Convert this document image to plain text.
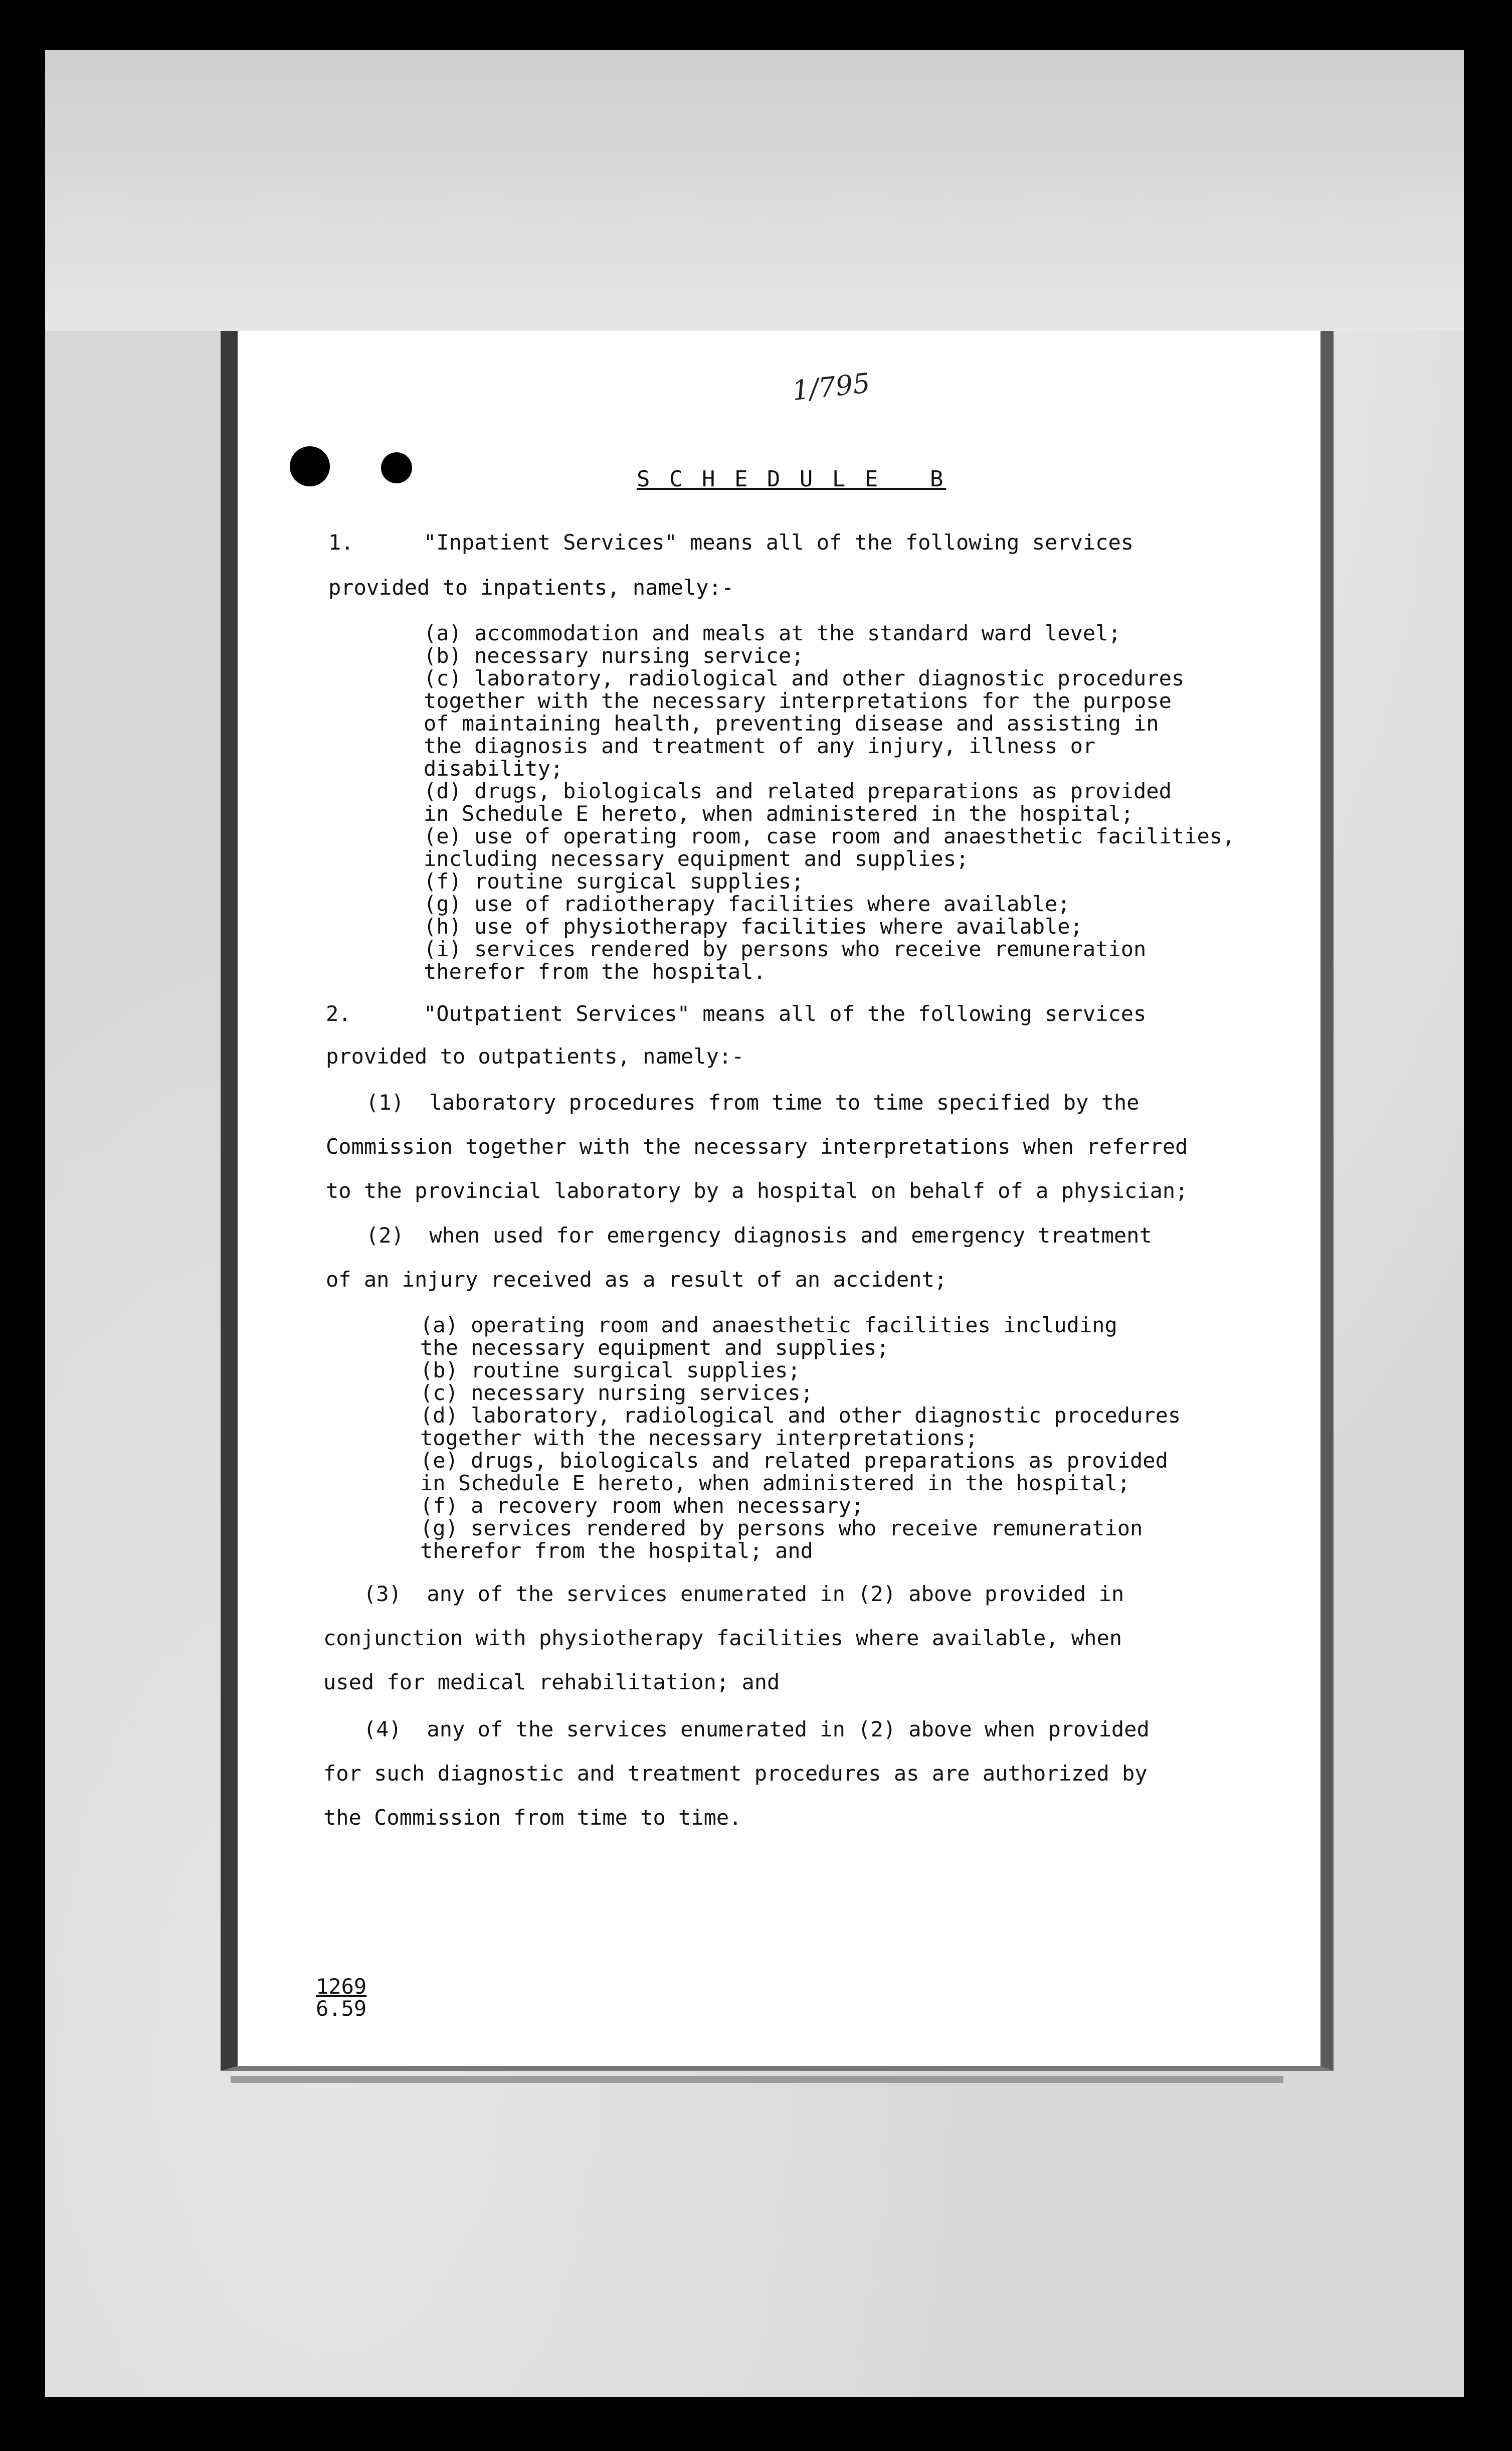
1/795
S C H E D U L E   B
1.	"Inpatient Services" means all of the following services
provided to inpatients, namely:-
(a) accommodation and meals at the standard ward level;
(b) necessary nursing service;
(c) laboratory, radiological and other diagnostic procedures
together with the necessary interpretations for the purpose
of maintaining health, preventing disease and assisting in
the diagnosis and treatment of any injury, illness or
disability;
(d) drugs, biologicals and related preparations as provided
in Schedule E hereto, when administered in the hospital;
(e) use of operating room, case room and anaesthetic facilities,
including necessary equipment and supplies;
(f) routine surgical supplies;
(g) use of radiotherapy facilities where available;
(h) use of physiotherapy facilities where available;
(i) services rendered by persons who receive remuneration
therefor from the hospital.
2.	"Outpatient Services" means all of the following services
provided to outpatients, namely:-
(1)  laboratory procedures from time to time specified by the
Commission together with the necessary interpretations when referred
to the provincial laboratory by a hospital on behalf of a physician;
(2)  when used for emergency diagnosis and emergency treatment
of an injury received as a result of an accident;
(a) operating room and anaesthetic facilities including
the necessary equipment and supplies;
(b) routine surgical supplies;
(c) necessary nursing services;
(d) laboratory, radiological and other diagnostic procedures
together with the necessary interpretations;
(e) drugs, biologicals and related preparations as provided
in Schedule E hereto, when administered in the hospital;
(f) a recovery room when necessary;
(g) services rendered by persons who receive remuneration
therefor from the hospital; and
(3)  any of the services enumerated in (2) above provided in
conjunction with physiotherapy facilities where available, when
used for medical rehabilitation; and
(4)  any of the services enumerated in (2) above when provided
for such diagnostic and treatment procedures as are authorized by
the Commission from time to time.
1269
6.59
